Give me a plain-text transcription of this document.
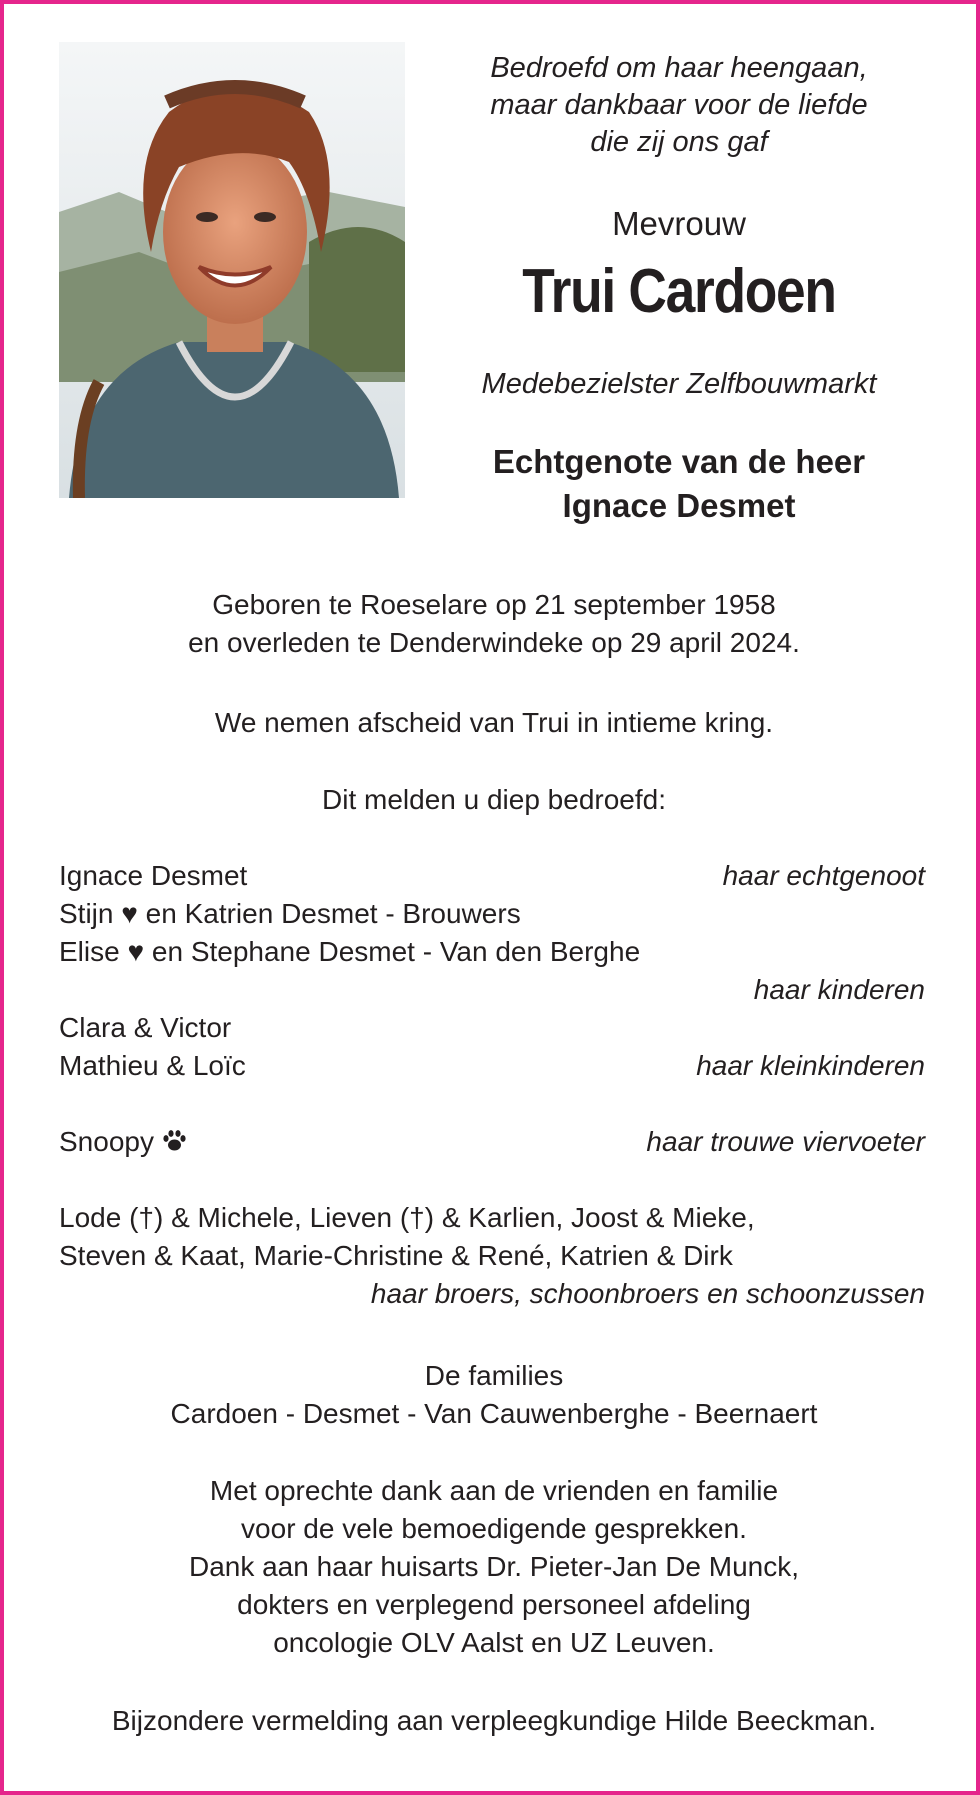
Bedroefd om haar heengaan,
maar dankbaar voor de liefde
die zij ons gaf
Mevrouw
Trui Cardoen
Medebezielster Zelfbouwmarkt
Echtgenote van de heer
Ignace Desmet
Geboren te Roeselare op 21 september 1958
en overleden te Denderwindeke op 29 april 2024.
We nemen afscheid van Trui in intieme kring.
Dit melden u diep bedroefd:
Ignace Desmet	haar echtgenoot
Stijn ♥ en Katrien Desmet - Brouwers
Elise ♥ en Stephane Desmet - Van den Berghe
haar kinderen
Clara & Victor
Mathieu & Loïc	haar kleinkinderen
Snoopy	haar trouwe viervoeter
Lode (†) & Michele, Lieven (†) & Karlien, Joost & Mieke,
Steven & Kaat, Marie-Christine & René, Katrien & Dirk
haar broers, schoonbroers en schoonzussen
De families
Cardoen - Desmet - Van Cauwenberghe - Beernaert
Met oprechte dank aan de vrienden en familie
voor de vele bemoedigende gesprekken.
Dank aan haar huisarts Dr. Pieter-Jan De Munck,
dokters en verplegend personeel afdeling
oncologie OLV Aalst en UZ Leuven.
Bijzondere vermelding aan verpleegkundige Hilde Beeckman.
